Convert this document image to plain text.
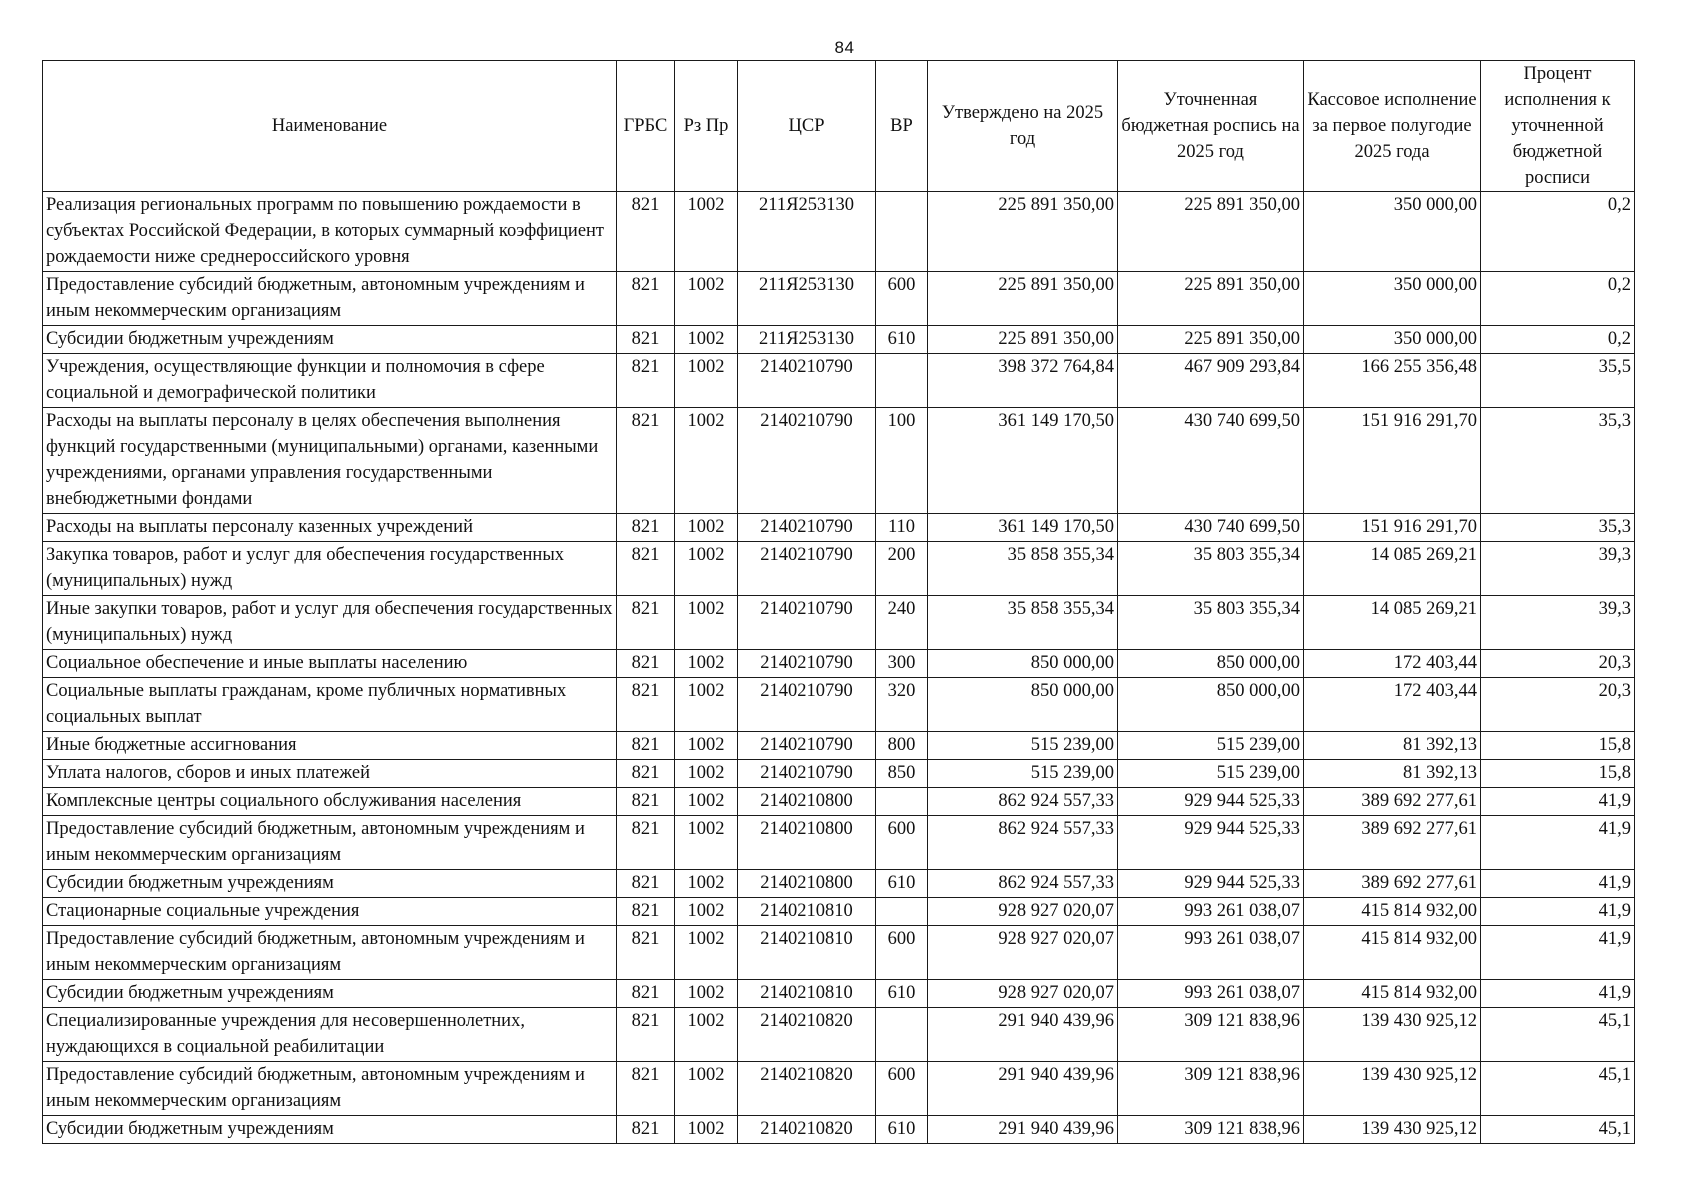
84
Наименование	ГРБС	Рз Пр	ЦСР	ВР	Утверждено на 2025 год	Уточненная бюджетная роспись на 2025 год	Кассовое исполнение за первое полугодие 2025 года	Процент исполнения к уточненной бюджетной росписи
Реализация региональных программ по повышению рождаемости в субъектах Российской Федерации, в которых суммарный коэффициент рождаемости ниже среднероссийского уровня	821	1002	211Я253130		225 891 350,00	225 891 350,00	350 000,00	0,2
Предоставление субсидий бюджетным, автономным учреждениям и иным некоммерческим организациям	821	1002	211Я253130	600	225 891 350,00	225 891 350,00	350 000,00	0,2
Субсидии бюджетным учреждениям	821	1002	211Я253130	610	225 891 350,00	225 891 350,00	350 000,00	0,2
Учреждения, осуществляющие функции и полномочия в сфере социальной и демографической политики	821	1002	2140210790		398 372 764,84	467 909 293,84	166 255 356,48	35,5
Расходы на выплаты персоналу в целях обеспечения выполнения функций государственными (муниципальными) органами, казенными учреждениями, органами управления государственными внебюджетными фондами	821	1002	2140210790	100	361 149 170,50	430 740 699,50	151 916 291,70	35,3
Расходы на выплаты персоналу казенных учреждений	821	1002	2140210790	110	361 149 170,50	430 740 699,50	151 916 291,70	35,3
Закупка товаров, работ и услуг для обеспечения государственных (муниципальных) нужд	821	1002	2140210790	200	35 858 355,34	35 803 355,34	14 085 269,21	39,3
Иные закупки товаров, работ и услуг для обеспечения государственных (муниципальных) нужд	821	1002	2140210790	240	35 858 355,34	35 803 355,34	14 085 269,21	39,3
Социальное обеспечение и иные выплаты населению	821	1002	2140210790	300	850 000,00	850 000,00	172 403,44	20,3
Социальные выплаты гражданам, кроме публичных нормативных социальных выплат	821	1002	2140210790	320	850 000,00	850 000,00	172 403,44	20,3
Иные бюджетные ассигнования	821	1002	2140210790	800	515 239,00	515 239,00	81 392,13	15,8
Уплата налогов, сборов и иных платежей	821	1002	2140210790	850	515 239,00	515 239,00	81 392,13	15,8
Комплексные центры социального обслуживания населения	821	1002	2140210800		862 924 557,33	929 944 525,33	389 692 277,61	41,9
Предоставление субсидий бюджетным, автономным учреждениям и иным некоммерческим организациям	821	1002	2140210800	600	862 924 557,33	929 944 525,33	389 692 277,61	41,9
Субсидии бюджетным учреждениям	821	1002	2140210800	610	862 924 557,33	929 944 525,33	389 692 277,61	41,9
Стационарные социальные учреждения	821	1002	2140210810		928 927 020,07	993 261 038,07	415 814 932,00	41,9
Предоставление субсидий бюджетным, автономным учреждениям и иным некоммерческим организациям	821	1002	2140210810	600	928 927 020,07	993 261 038,07	415 814 932,00	41,9
Субсидии бюджетным учреждениям	821	1002	2140210810	610	928 927 020,07	993 261 038,07	415 814 932,00	41,9
Специализированные учреждения для несовершеннолетних, нуждающихся в социальной реабилитации	821	1002	2140210820		291 940 439,96	309 121 838,96	139 430 925,12	45,1
Предоставление субсидий бюджетным, автономным учреждениям и иным некоммерческим организациям	821	1002	2140210820	600	291 940 439,96	309 121 838,96	139 430 925,12	45,1
Субсидии бюджетным учреждениям	821	1002	2140210820	610	291 940 439,96	309 121 838,96	139 430 925,12	45,1
